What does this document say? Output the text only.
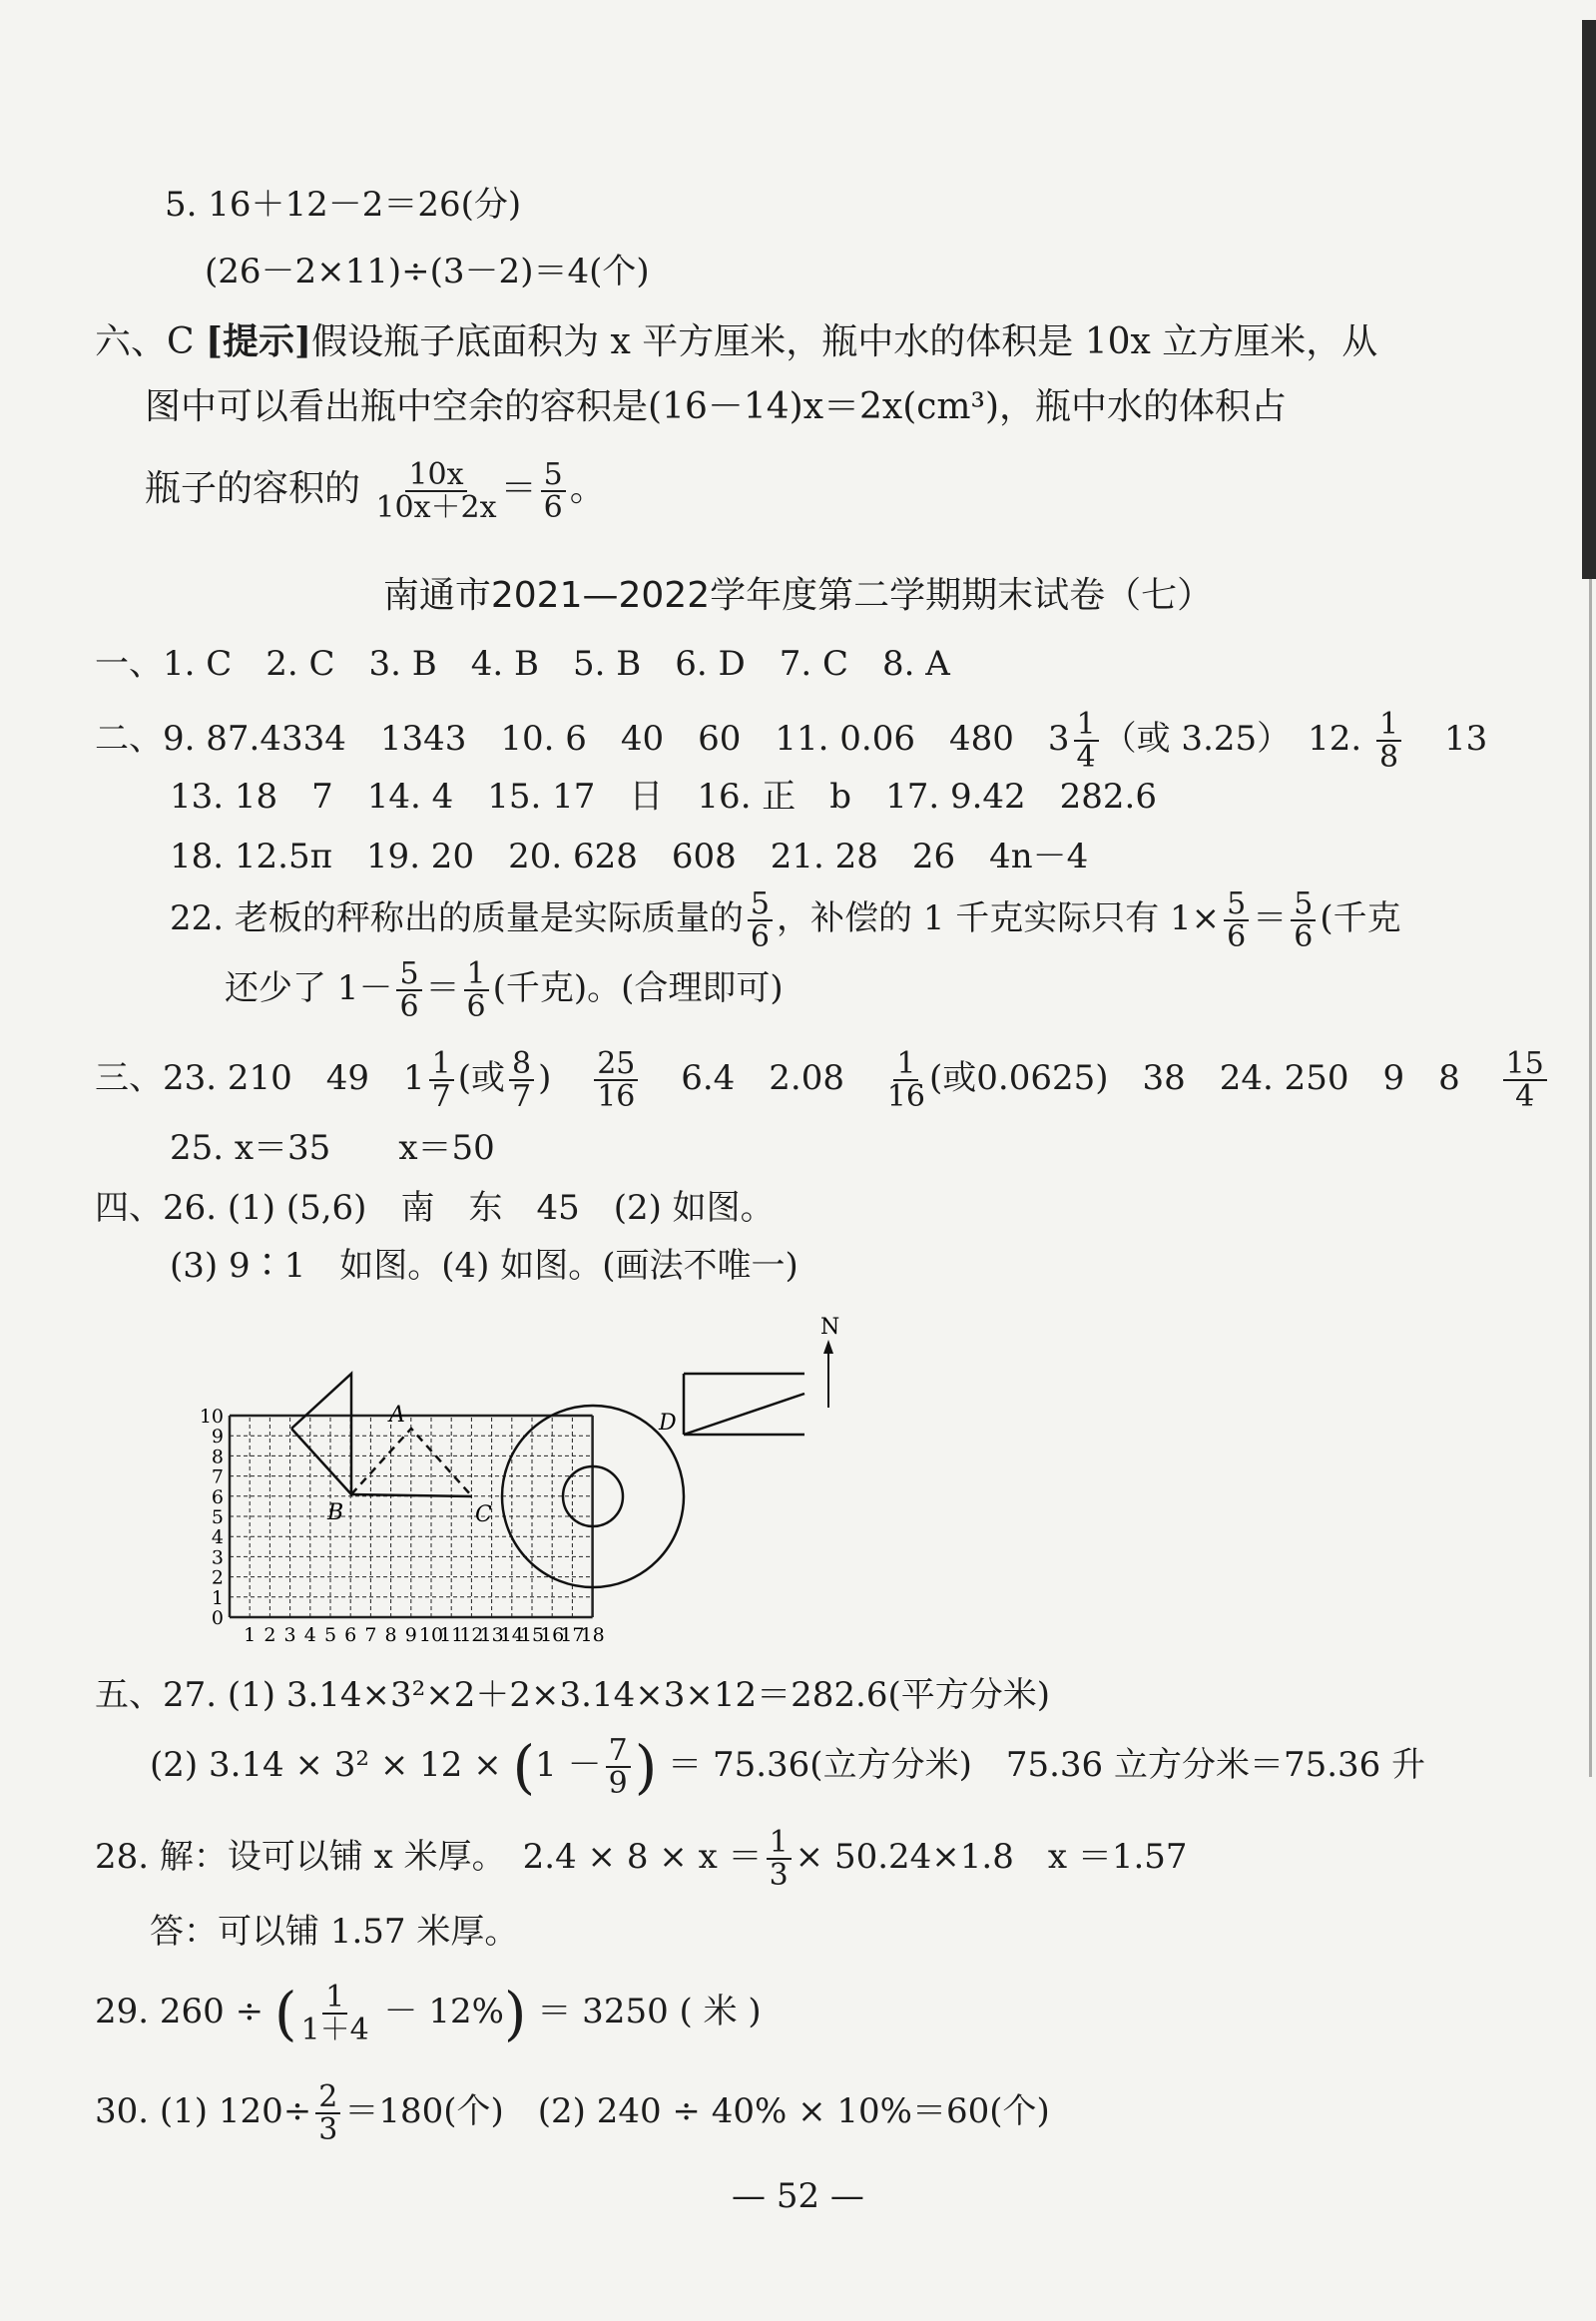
5. 16＋12－2＝26(分)
(26－2×11)÷(3－2)＝4(个)
六、C [提示]假设瓶子底面积为 x 平方厘米，瓶中水的体积是 10x 立方厘米，从
图中可以看出瓶中空余的容积是(16－14)x＝2x(cm³)，瓶中水的体积占
瓶子的容积的 $\frac{10x}{10x+2x} = \frac{5}{6}$ 。
南通市2021—2022学年度第二学期期末试卷（七）
一、1. C　2. C　3. B　4. B　5. B　6. D　7. C　8. A
二、9. 87.4334　1343　10. 6　40　60　11. 0.06　480　$3 \frac{1}{4}$ （或 3.25）　12. $\frac{1}{8} 13$
13. 18　7　14. 4　15. 17　日　16. 正　b　17. 9.42　282.6
18. 12.5π　19. 20　20. 628　608　21. 28　26　4n－4
22. 老板的秤称出的质量是实际质量的 $\frac{5}{6}$ ，补偿的 1 千克实际只有 $1\times \frac{5}{6} = \frac{5}{6}$ (千克
还少了 $1- \frac{5}{6} = \frac{1}{6}$ (千克)。(合理即可)
三、23. 210　49　$1 \frac{1}{7}$ (或 $\frac{8}{7}$ ) $\frac{25}{16} 6.4$　$2.08 \frac{1}{16}$ (或0.0625)　38　24. 250　9　$8 \frac{15}{4}$
25. x＝35　　x＝50
四、26. (1) (5,6)　南　东　45　(2) 如图。
(3) 9∶1　如图。(4) 如图。(画法不唯一)
0
1
2
3
4
5
6
7
8
9
10
1 2 3 4 5 6 7 8 9 10
11
12
13
14
15
16
17
18
A
B	C
D
N
五、27. (1) 3.14×3²×2＋2×3.14×3×12＝282.6(平方分米)
(2) $3.14 \times 3^2 \times 12 \times (1 - \frac{7}{9}$ ) ＝ 75.36(立方分米)　75.36 立方分米＝75.36 升
28. 解：设可以铺 x 米厚。　$2.4 \times 8 \times x = \frac{1}{3} \times 50.24\times 1.8$　x ＝1.57
答：可以铺 1.57 米厚。
29. 260 ÷ ( $\frac{1}{1+4} - 12\%) = 3250$ ( 米 )
30. (1) $120\div \frac{2}{3} =180$(个)　(2) 240 ÷ 40% × 10%＝60(个)
— 52 —
